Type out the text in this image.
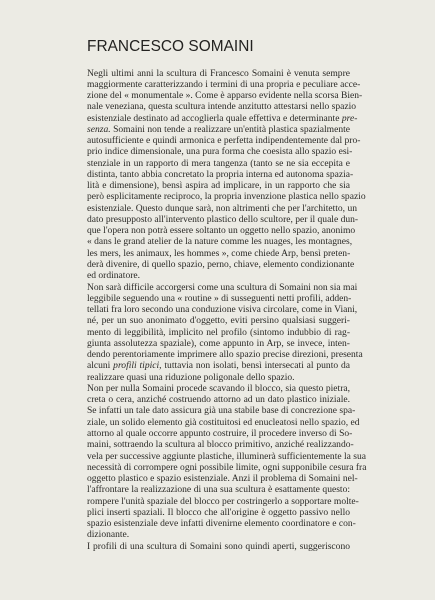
FRANCESCO SOMAINI
Negli ultimi anni la scultura di Francesco Somaini è venuta sempre
maggiormente caratterizzando i termini di una propria e peculiare acce-
zione del « monumentale ». Come è apparso evidente nella scorsa Bien-
nale veneziana, questa scultura intende anzitutto attestarsi nello spazio
esistenziale destinato ad accoglierla quale effettiva e determinante pre-
senza. Somaini non tende a realizzare un'entità plastica spazialmente
autosufficiente e quindi armonica e perfetta indipendentemente dal pro-
prio indice dimensionale, una pura forma che coesista allo spazio esi-
stenziale in un rapporto di mera tangenza (tanto se ne sia eccepita e
distinta, tanto abbia concretato la propria interna ed autonoma spazia-
lità e dimensione), bensì aspira ad implicare, in un rapporto che sia
però esplicitamente reciproco, la propria invenzione plastica nello spazio
esistenziale. Questo dunque sarà, non altrimenti che per l'architetto, un
dato presupposto all'intervento plastico dello scultore, per il quale dun-
que l'opera non potrà essere soltanto un oggetto nello spazio, anonimo
« dans le grand atelier de la nature comme les nuages, les montagnes,
les mers, les animaux, les hommes », come chiede Arp, bensì preten-
derà divenire, di quello spazio, perno, chiave, elemento condizionante
ed ordinatore.
Non sarà difficile accorgersi come una scultura di Somaini non sia mai
leggibile seguendo una « routine » di susseguenti netti profili, adden-
tellati fra loro secondo una conduzione visiva circolare, come in Viani,
né, per un suo anonimato d'oggetto, eviti persino qualsiasi suggeri-
mento di leggibilità, implicito nel profilo (sintomo indubbio di rag-
giunta assolutezza spaziale), come appunto in Arp, se invece, inten-
dendo perentoriamente imprimere allo spazio precise direzioni, presenta
alcuni profili tipici, tuttavia non isolati, bensì intersecati al punto da
realizzare quasi una riduzione poligonale dello spazio.
Non per nulla Somaini procede scavando il blocco, sia questo pietra,
creta o cera, anziché costruendo attorno ad un dato plastico iniziale.
Se infatti un tale dato assicura già una stabile base di concrezione spa-
ziale, un solido elemento già costituitosi ed enucleatosi nello spazio, ed
attorno al quale occorre appunto costruire, il procedere inverso di So-
maini, sottraendo la scultura al blocco primitivo, anziché realizzando-
vela per successive aggiunte plastiche, illuminerà sufficientemente la sua
necessità di corrompere ogni possibile limite, ogni supponibile cesura fra
oggetto plastico e spazio esistenziale. Anzi il problema di Somaini nel-
l'affrontare la realizzazione di una sua scultura è esattamente questo:
rompere l'unità spaziale del blocco per costringerlo a sopportare molte-
plici inserti spaziali. Il blocco che all'origine è oggetto passivo nello
spazio esistenziale deve infatti divenirne elemento coordinatore e con-
dizionante.
I profili di una scultura di Somaini sono quindi aperti, suggeriscono
